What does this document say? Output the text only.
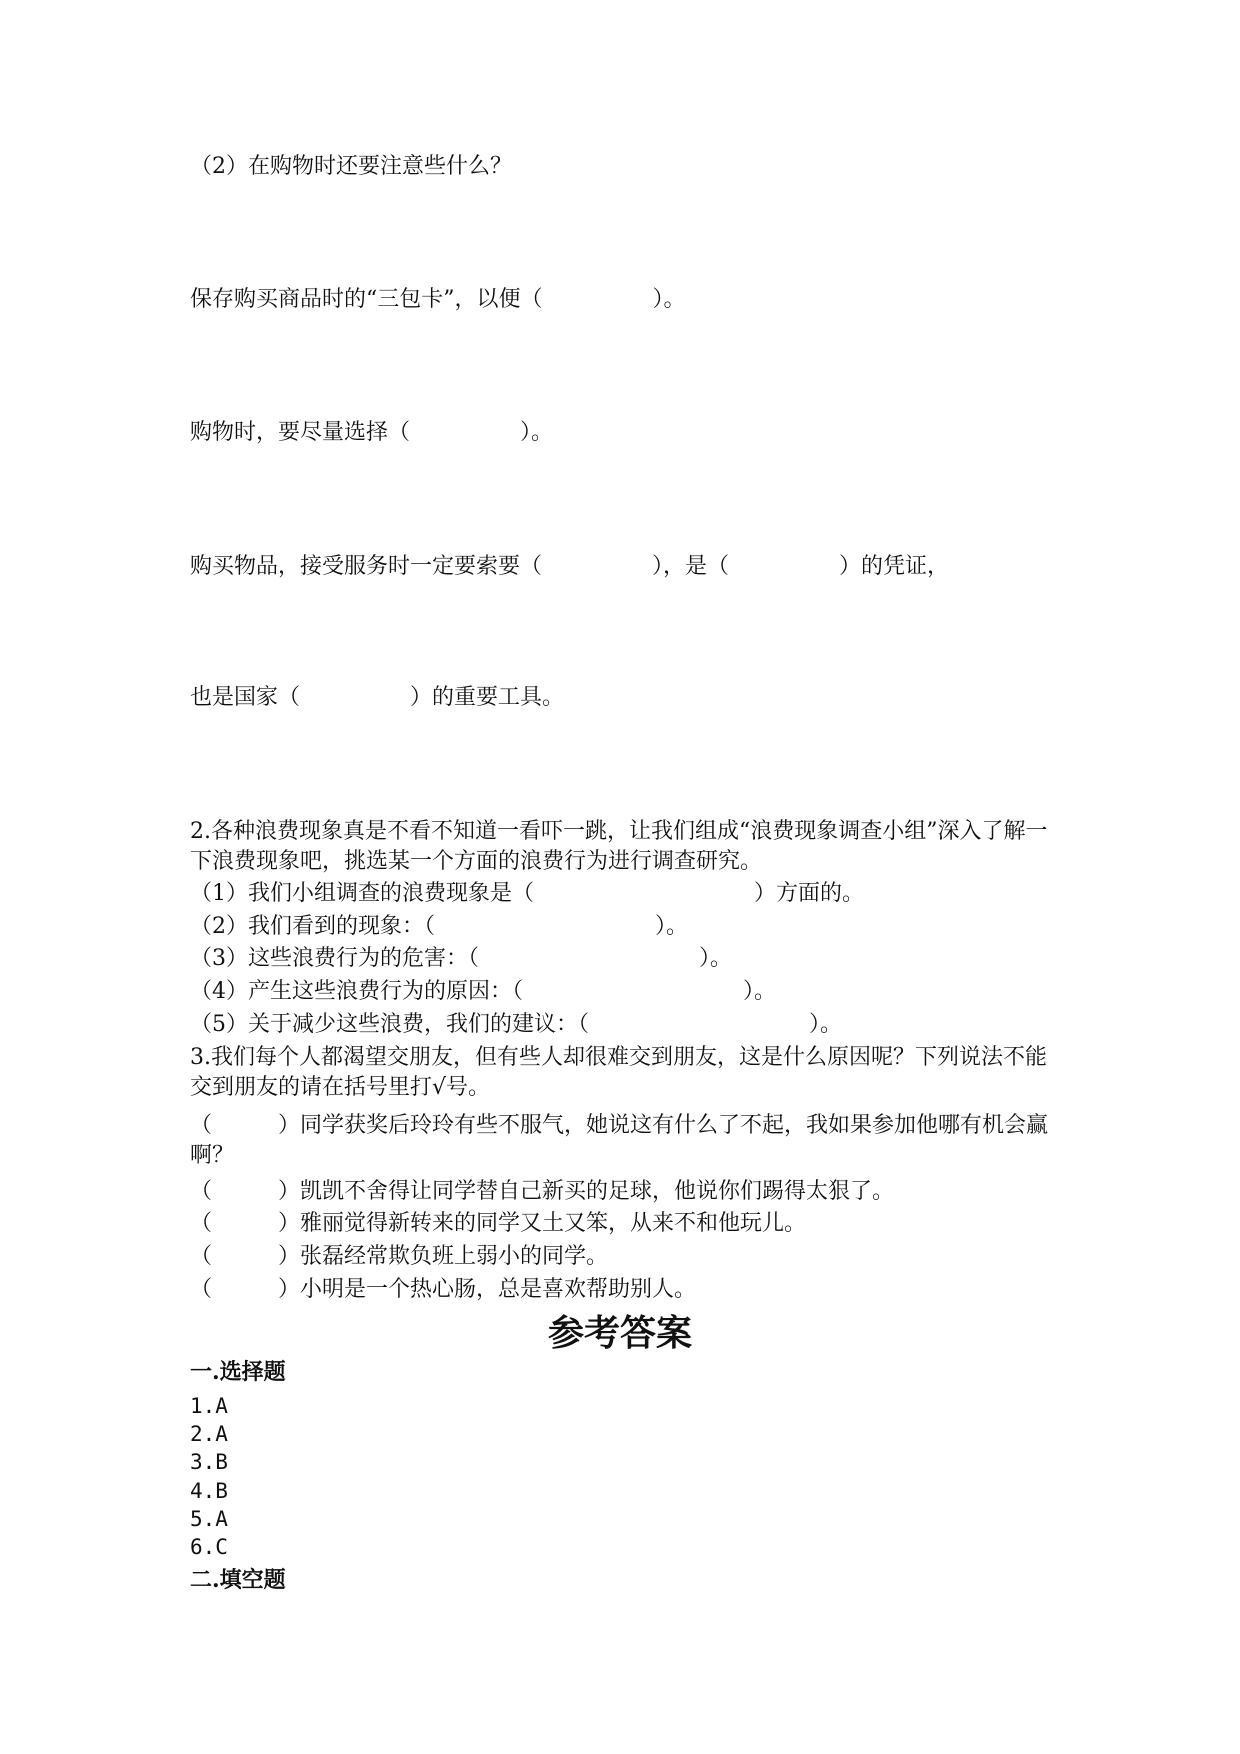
（2）在购物时还要注意些什么？
保存购买商品时的“三包卡”，以便（　　　　　）。
购物时，要尽量选择（　　　　　）。
购买物品，接受服务时一定要索要（　　　　　），是（　　　　　）的凭证，
也是国家（　　　　　）的重要工具。
2.各种浪费现象真是不看不知道一看吓一跳，让我们组成“浪费现象调查小组”深入了解一下浪费现象吧，挑选某一个方面的浪费行为进行调查研究。
（1）我们小组调查的浪费现象是（　　　　　　　　　　）方面的。
（2）我们看到的现象：（　　　　　　　　　　）。
（3）这些浪费行为的危害：（　　　　　　　　　　）。
（4）产生这些浪费行为的原因：（　　　　　　　　　　）。
（5）关于减少这些浪费，我们的建议：（　　　　　　　　　　）。
3.我们每个人都渴望交朋友，但有些人却很难交到朋友，这是什么原因呢？下列说法不能交到朋友的请在括号里打√号。
（　　　）同学获奖后玲玲有些不服气，她说这有什么了不起，我如果参加他哪有机会赢啊？
（　　　）凯凯不舍得让同学替自己新买的足球，他说你们踢得太狠了。
（　　　）雅丽觉得新转来的同学又土又笨，从来不和他玩儿。
（　　　）张磊经常欺负班上弱小的同学。
（　　　）小明是一个热心肠，总是喜欢帮助别人。
参考答案
一.选择题
1.A
2.A
3.B
4.B
5.A
6.C
二.填空题
